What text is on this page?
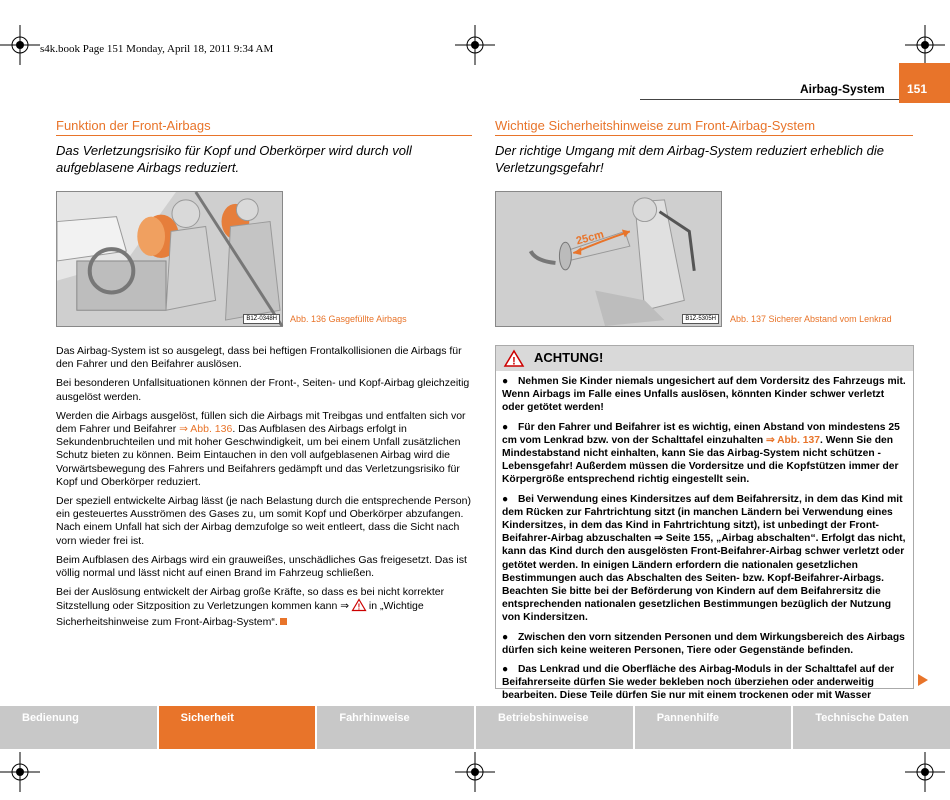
s4k.book Page 151 Monday, April 18, 2011 9:34 AM
Airbag-System 151
Funktion der Front-Airbags
Das Verletzungsrisiko für Kopf und Oberkörper wird durch voll aufgeblasene Airbags reduziert.
B1Z-0348H	Abb. 136 Gasgefüllte Airbags

Das Airbag-System ist so ausgelegt, dass bei heftigen Frontalkollisionen die Airbags für den Fahrer und den Beifahrer auslösen.

Bei besonderen Unfallsituationen können der Front-, Seiten- und Kopf-Airbag gleichzeitig ausgelöst werden.

Werden die Airbags ausgelöst, füllen sich die Airbags mit Treibgas und entfalten sich vor dem Fahrer und Beifahrer ⇒ Abb. 136. Das Aufblasen des Airbags erfolgt in Sekundenbruchteilen und mit hoher Geschwindigkeit, um bei einem Unfall zusätzlichen Schutz bieten zu können. Beim Eintauchen in den voll aufgeblasenen Airbag wird die Vorwärtsbewegung des Fahrers und Beifahrers gedämpft und das Verletzungsrisiko für Kopf und Oberkörper reduziert.

Der speziell entwickelte Airbag lässt (je nach Belastung durch die entsprechende Person) ein gesteuertes Ausströmen des Gases zu, um somit Kopf und Oberkörper abzufangen. Nach einem Unfall hat sich der Airbag demzufolge so weit entleert, dass die Sicht nach vorn wieder frei ist.

Beim Aufblasen des Airbags wird ein grauweißes, unschädliches Gas freigesetzt. Das ist völlig normal und lässt nicht auf einen Brand im Fahrzeug schließen.

Bei der Auslösung entwickelt der Airbag große Kräfte, so dass es bei nicht korrekter Sitzstellung oder Sitzposition zu Verletzungen kommen kann ⇒ ! in „Wichtige Sicherheitshinweise zum Front-Airbag-System“.

Wichtige Sicherheitshinweise zum Front-Airbag-System
Der richtige Umgang mit dem Airbag-System reduziert erheblich die Verletzungsgefahr!
25cm
B1Z-5305H	Abb. 137 Sicherer Abstand vom Lenkrad
! ACHTUNG!
● Nehmen Sie Kinder niemals ungesichert auf dem Vordersitz des Fahrzeugs mit. Wenn Airbags im Falle eines Unfalls auslösen, könnten Kinder schwer verletzt oder getötet werden!
● Für den Fahrer und Beifahrer ist es wichtig, einen Abstand von mindestens 25 cm vom Lenkrad bzw. von der Schalttafel einzuhalten ⇒ Abb. 137. Wenn Sie den Mindestabstand nicht einhalten, kann Sie das Airbag-System nicht schützen - Lebensgefahr! Außerdem müssen die Vordersitze und die Kopfstützen immer der Körpergröße entsprechend richtig eingestellt sein.
● Bei Verwendung eines Kindersitzes auf dem Beifahrersitz, in dem das Kind mit dem Rücken zur Fahrtrichtung sitzt (in manchen Ländern bei Verwendung eines Kindersitzes, in dem das Kind in Fahrtrichtung sitzt), ist unbedingt der Front-Beifahrer-Airbag abzuschalten ⇒ Seite 155, „Airbag abschalten“. Erfolgt das nicht, kann das Kind durch den ausgelösten Front-Beifahrer-Airbag schwer verletzt oder getötet werden. In einigen Ländern erfordern die nationalen gesetzlichen Bestimmungen auch das Abschalten des Seiten- bzw. Kopf-Beifahrer-Airbags. Beachten Sie bitte bei der Beförderung von Kindern auf dem Beifahrersitz die entsprechenden nationalen gesetzlichen Bestimmungen bezüglich der Nutzung von Kindersitzen.
● Zwischen den vorn sitzenden Personen und dem Wirkungsbereich des Airbags dürfen sich keine weiteren Personen, Tiere oder Gegenstände befinden.
● Das Lenkrad und die Oberfläche des Airbag-Moduls in der Schalttafel auf der Beifahrerseite dürfen Sie weder bekleben noch überziehen oder anderweitig bearbeiten. Diese Teile dürfen Sie nur mit einem trockenen oder mit Wasser
Bedienung	Sicherheit	Fahrhinweise	Betriebshinweise	Pannenhilfe	Technische Daten
